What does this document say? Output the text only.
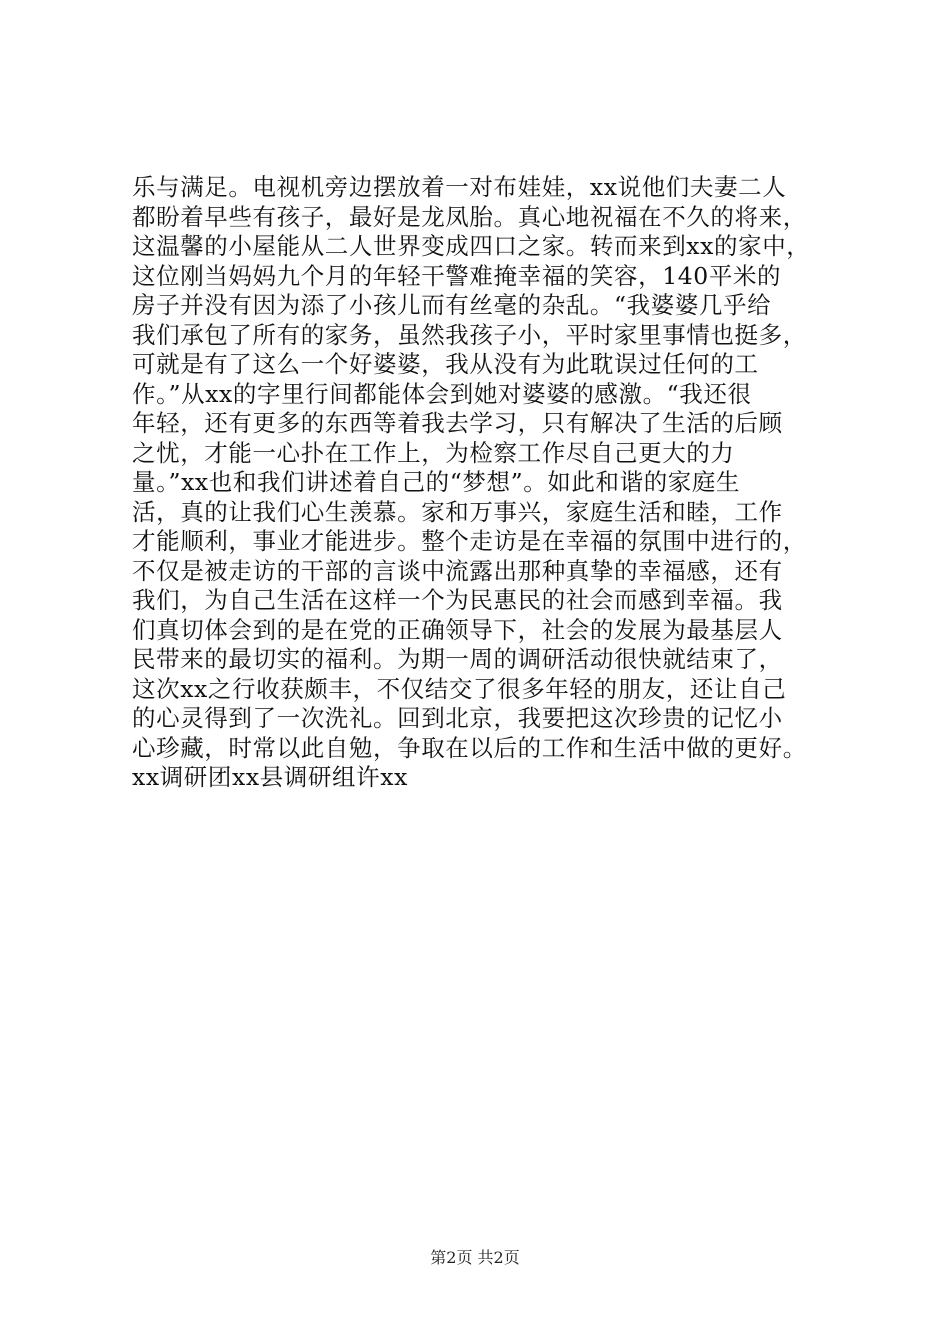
乐与满足。电视机旁边摆放着一对布娃娃，xx说他们夫妻二人
都盼着早些有孩子，最好是龙凤胎。真心地祝福在不久的将来，
这温馨的小屋能从二人世界变成四口之家。转而来到xx的家中，
这位刚当妈妈九个月的年轻干警难掩幸福的笑容，140平米的
房子并没有因为添了小孩儿而有丝毫的杂乱。“我婆婆几乎给
我们承包了所有的家务，虽然我孩子小，平时家里事情也挺多，
可就是有了这么一个好婆婆，我从没有为此耽误过任何的工
作。”从xx的字里行间都能体会到她对婆婆的感激。“我还很
年轻，还有更多的东西等着我去学习，只有解决了生活的后顾
之忧，才能一心扑在工作上，为检察工作尽自己更大的力
量。”xx也和我们讲述着自己的“梦想”。如此和谐的家庭生
活，真的让我们心生羡慕。家和万事兴，家庭生活和睦，工作
才能顺利，事业才能进步。整个走访是在幸福的氛围中进行的，
不仅是被走访的干部的言谈中流露出那种真挚的幸福感，还有
我们，为自己生活在这样一个为民惠民的社会而感到幸福。我
们真切体会到的是在党的正确领导下，社会的发展为最基层人
民带来的最切实的福利。为期一周的调研活动很快就结束了，
这次xx之行收获颇丰，不仅结交了很多年轻的朋友，还让自己
的心灵得到了一次洗礼。回到北京，我要把这次珍贵的记忆小
心珍藏，时常以此自勉，争取在以后的工作和生活中做的更好。
xx调研团xx县调研组许xx
第2页 共2页
